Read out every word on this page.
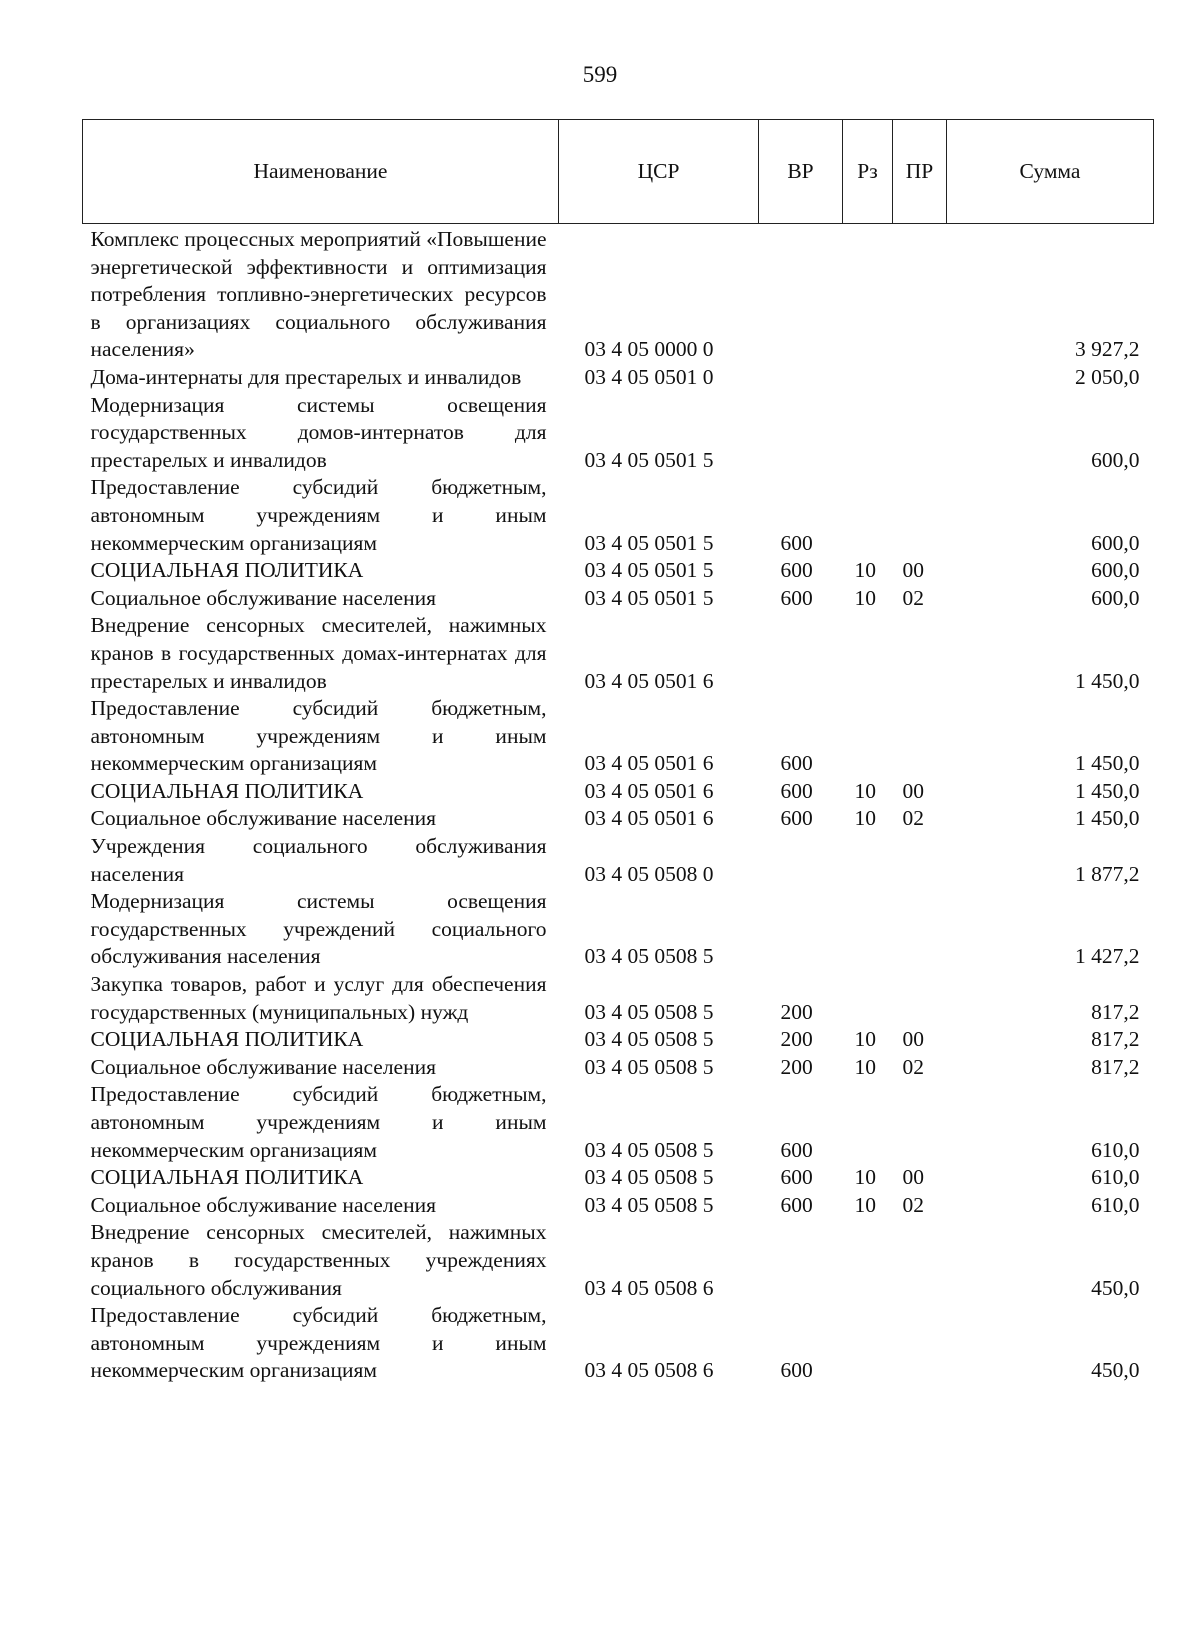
599
Наименование	ЦСР	ВР	Рз	ПР	Сумма
Комплекс процессных мероприятий «Повышение энергетической эффективности и оптимизация потребления топливно-энергетических ресурсов в организациях социального обслуживания населения»	03 4 05 0000 0				3 927,2
Дома-интернаты для престарелых и инвалидов	03 4 05 0501 0				2 050,0
Модернизация системы освещения государственных домов-интернатов для престарелых и инвалидов	03 4 05 0501 5				600,0
Предоставление субсидий бюджетным, автономным учреждениям и иным некоммерческим организациям	03 4 05 0501 5	600			600,0
СОЦИАЛЬНАЯ ПОЛИТИКА	03 4 05 0501 5	600	10	00	600,0
Социальное обслуживание населения	03 4 05 0501 5	600	10	02	600,0
Внедрение сенсорных смесителей, нажимных кранов в государственных домах-интернатах для престарелых и инвалидов	03 4 05 0501 6				1 450,0
Предоставление субсидий бюджетным, автономным учреждениям и иным некоммерческим организациям	03 4 05 0501 6	600			1 450,0
СОЦИАЛЬНАЯ ПОЛИТИКА	03 4 05 0501 6	600	10	00	1 450,0
Социальное обслуживание населения	03 4 05 0501 6	600	10	02	1 450,0
Учреждения социального обслуживания населения	03 4 05 0508 0				1 877,2
Модернизация системы освещения государственных учреждений социального обслуживания населения	03 4 05 0508 5				1 427,2
Закупка товаров, работ и услуг для обеспечения государственных (муниципальных) нужд	03 4 05 0508 5	200			817,2
СОЦИАЛЬНАЯ ПОЛИТИКА	03 4 05 0508 5	200	10	00	817,2
Социальное обслуживание населения	03 4 05 0508 5	200	10	02	817,2
Предоставление субсидий бюджетным, автономным учреждениям и иным некоммерческим организациям	03 4 05 0508 5	600			610,0
СОЦИАЛЬНАЯ ПОЛИТИКА	03 4 05 0508 5	600	10	00	610,0
Социальное обслуживание населения	03 4 05 0508 5	600	10	02	610,0
Внедрение сенсорных смесителей, нажимных кранов в государственных учреждениях социального обслуживания	03 4 05 0508 6				450,0
Предоставление субсидий бюджетным, автономным учреждениям и иным некоммерческим организациям	03 4 05 0508 6	600			450,0
